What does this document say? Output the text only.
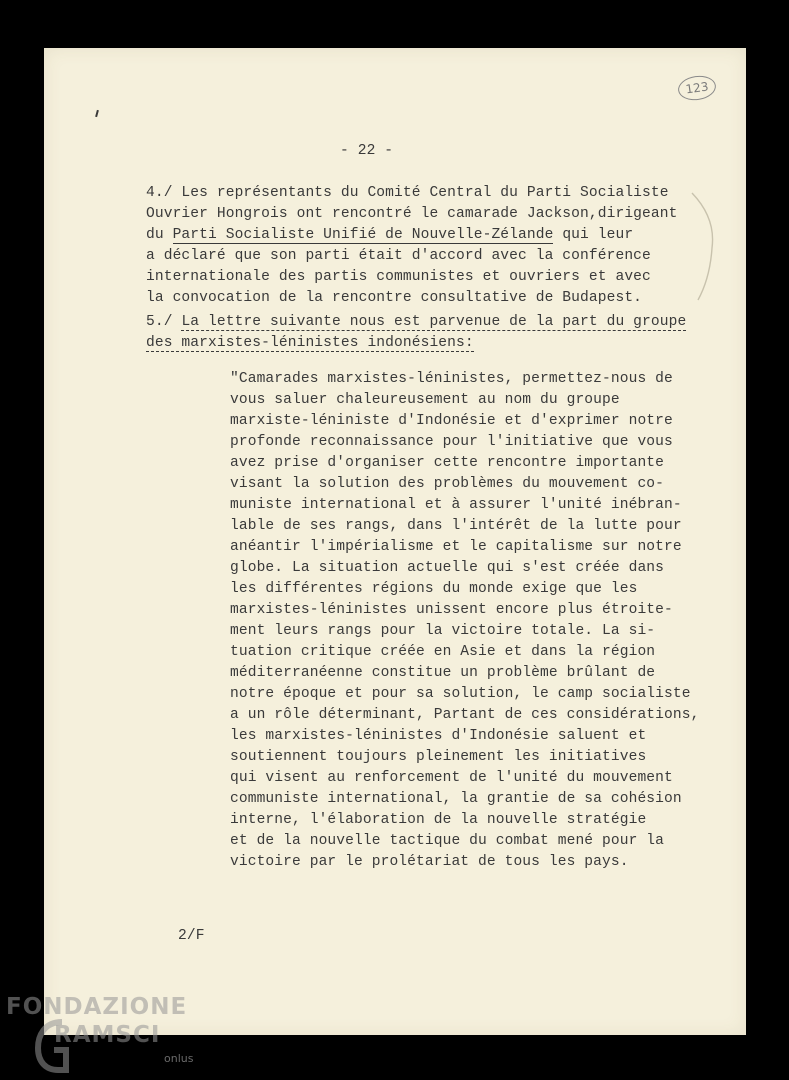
123
- 22 -
4./ Les représentants du Comité Central du Parti Socialiste
Ouvrier Hongrois ont rencontré le camarade Jackson,dirigeant
du Parti Socialiste Unifié de Nouvelle-Zélande qui leur
a déclaré que son parti était d'accord avec la conférence
internationale des partis communistes et ouvriers et avec
la convocation de la rencontre consultative de Budapest.
5./ La lettre suivante nous est parvenue de la part du groupe
des marxistes-léninistes indonésiens:
"Camarades marxistes-léninistes, permettez-nous de
vous saluer chaleureusement au nom du groupe
marxiste-léniniste d'Indonésie et d'exprimer notre
profonde reconnaissance pour l'initiative que vous
avez prise d'organiser cette rencontre importante
visant la solution des problèmes du mouvement co-
muniste international et à assurer l'unité inébran-
lable de ses rangs, dans l'intérêt de la lutte pour
anéantir l'impérialisme et le capitalisme sur notre
globe. La situation actuelle qui s'est créée dans
les différentes régions du monde exige que les
marxistes-léninistes unissent encore plus étroite-
ment leurs rangs pour la victoire totale. La si-
tuation critique créée en Asie et dans la région
méditerranéenne constitue un problème brûlant de
notre époque et pour sa solution, le camp socialiste
a un rôle déterminant, Partant de ces considérations,
les marxistes-léninistes d'Indonésie saluent et
soutiennent toujours pleinement les initiatives
qui visent au renforcement de l'unité du mouvement
communiste international, la grantie de sa cohésion
interne, l'élaboration de la nouvelle stratégie
et de la nouvelle tactique du combat mené pour la
victoire par le prolétariat de tous les pays.
2/F
FONDAZIONE
RAMSCI
onlus
